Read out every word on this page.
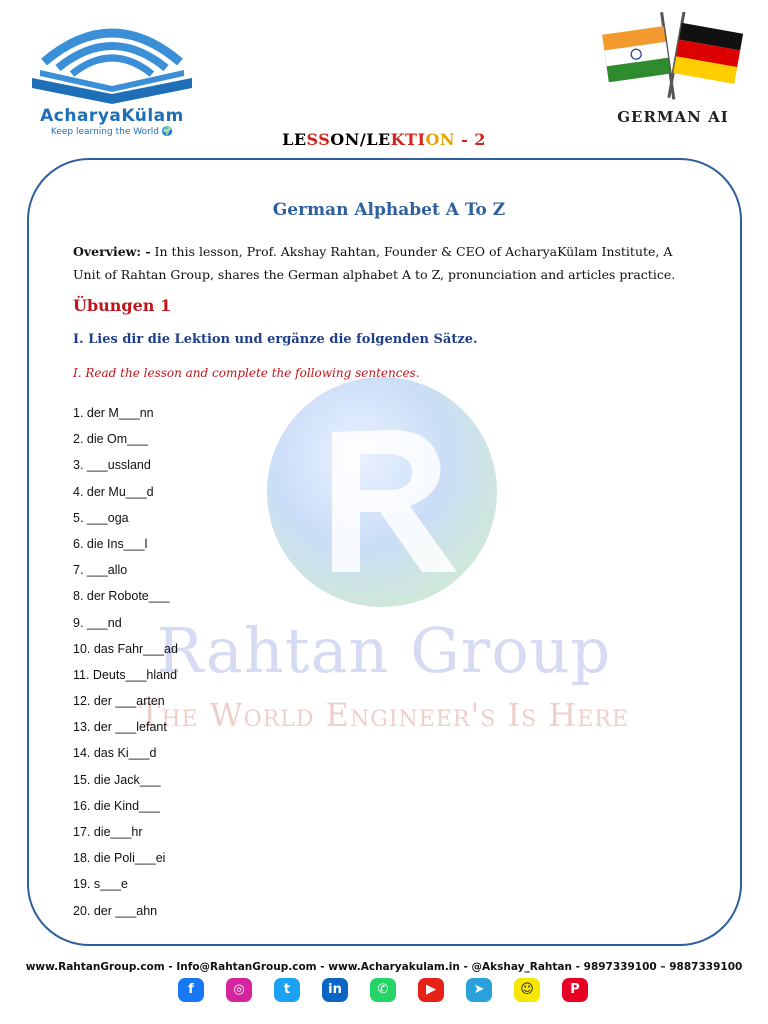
AcharyaKülam
Keep learning the World 🌍
GERMAN AI
LESSON/LEKTION - 2
Rahtan Group
The World Engineer's Is Here
German Alphabet A To Z
Overview: - In this lesson, Prof. Akshay Rahtan, Founder & CEO of AcharyaKülam Institute, A Unit of Rahtan Group, shares the German alphabet A to Z, pronunciation and articles practice.
Übungen 1
I. Lies dir die Lektion und ergänze die folgenden Sätze.
I. Read the lesson and complete the following sentences.
1. der M___nn
2. die Om___
3. ___ussland
4. der Mu___d
5. ___oga
6. die Ins___l
7. ___allo
8. der Robote___
9. ___nd
10. das Fahr___ad
11. Deuts___hland
12. der ___arten
13. der ___lefant
14. das Ki___d
15. die Jack___
16. die Kind___
17. die___hr
18. die Poli___ei
19. s___e
20. der ___ahn
www.RahtanGroup.com - Info@RahtanGroup.com - www.Acharyakulam.in - @Akshay_Rahtan - 9897339100 – 9887339100
f	◎	t	in	✆	▶	➤	☺	P
